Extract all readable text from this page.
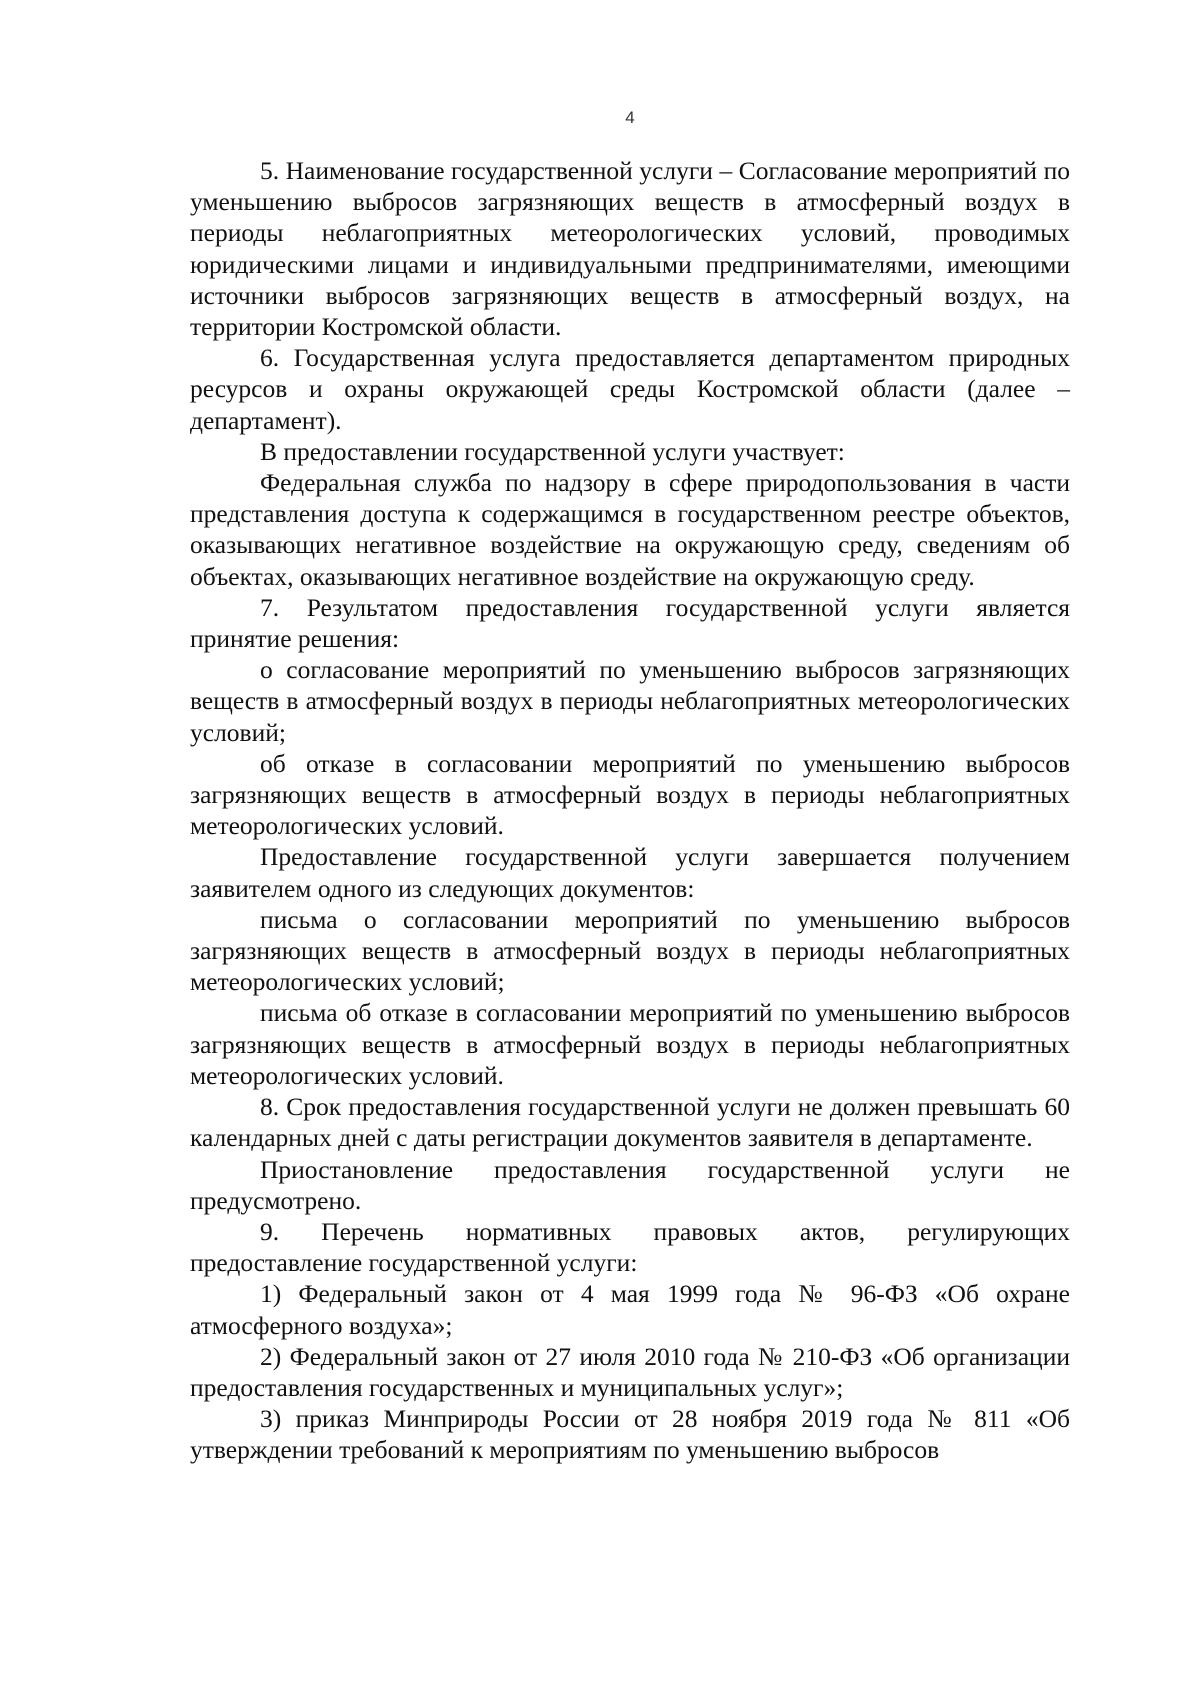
4

5. Наименование государственной услуги – Согласование мероприятий по уменьшению выбросов загрязняющих веществ в атмосферный воздух в периоды неблагоприятных метеорологических условий, проводимых юридическими лицами и индивидуальными предпринимателями, имеющими источники выбросов загрязняющих веществ в атмосферный воздух, на территории Костромской области.

6. Государственная услуга предоставляется департаментом природных ресурсов и охраны окружающей среды Костромской области (далее – департамент).

В предоставлении государственной услуги участвует:

Федеральная служба по надзору в сфере природопользования в части представления доступа к содержащимся в государственном реестре объектов, оказывающих негативное воздействие на окружающую среду, сведениям об объектах, оказывающих негативное воздействие на окружающую среду.

7. Результатом предоставления государственной услуги является принятие решения:

о согласование мероприятий по уменьшению выбросов загрязняющих веществ в атмосферный воздух в периоды неблагоприятных метеорологических условий;

об отказе в согласовании мероприятий по уменьшению выбросов загрязняющих веществ в атмосферный воздух в периоды неблагоприятных метеорологических условий.

Предоставление государственной услуги завершается получением заявителем одного из следующих документов:

письма о согласовании мероприятий по уменьшению выбросов загрязняющих веществ в атмосферный воздух в периоды неблагоприятных метеорологических условий;

письма об отказе в согласовании мероприятий по уменьшению выбросов загрязняющих веществ в атмосферный воздух в периоды неблагоприятных метеорологических условий.

8. Срок предоставления государственной услуги не должен превышать 60 календарных дней с даты регистрации документов заявителя в департаменте.

Приостановление предоставления государственной услуги не предусмотрено.

9. Перечень нормативных правовых актов, регулирующих предоставление государственной услуги:

1) Федеральный закон от 4 мая 1999 года № 96-ФЗ «Об охране атмосферного воздуха»;

2) Федеральный закон от 27 июля 2010 года № 210-ФЗ «Об организации предоставления государственных и муниципальных услуг»;

3) приказ Минприроды России от 28 ноября 2019 года № 811 «Об утверждении требований к мероприятиям по уменьшению выбросов
